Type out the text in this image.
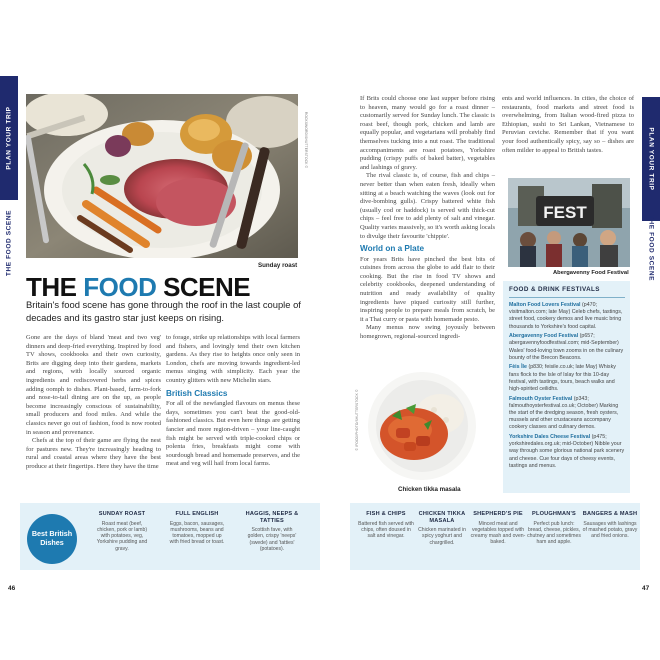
PLAN YOUR TRIP
THE FOOD SCENE
PLAN YOUR TRIP
THE FOOD SCENE
ROCKSWORD/SHUTTERSTOCK ©
Sunday roast
THE FOOD SCENE
Britain's food scene has gone through the roof in the last couple of decades and its gastro star just keeps on rising.

Gone are the days of bland 'meat and two veg' dinners and deep-fried everything. Inspired by food TV shows, cookbooks and their own curiosity, Brits are digging deep into their gardens, markets and regions, with locally sourced organic ingredients and rediscovered herbs and spices adding oomph to dishes. Plant-based, farm-to-fork and nose-to-tail dining are on the up, as people become increasingly conscious of sustainability, small producers and food miles. And while the classics never go out of fashion, food is now rooted in season and provenance.

Chefs at the top of their game are flying the nest for pastures new. They're increasingly heading to rural and coastal areas where they have the best produce at their fingertips. Here they have the time

to forage, strike up relationships with local farmers and fishers, and lovingly tend their own kitchen gardens. As they rise to heights once only seen in London, chefs are moving towards ingredient-led menus singing with simplicity. Each year the country glitters with new Michelin stars.

British Classics

For all of the newfangled flavours on menus these days, sometimes you can't beat the good-old-fashioned classics. But even here things are getting fancier and more region-driven – your line-caught fish might be served with triple-cooked chips or polenta fries, breakfasts might come with sourdough bread and homemade preserves, and the meat and veg will hail from local farms.

If Brits could choose one last supper before rising to heaven, many would go for a roast dinner – customarily served for Sunday lunch. The classic is roast beef, though pork, chicken and lamb are equally popular, and vegetarians will probably find themselves tucking into a nut roast. The traditional accompaniments are roast potatoes, Yorkshire pudding (crispy puffs of baked batter), vegetables and lashings of gravy.

The rival classic is, of course, fish and chips – never better than when eaten fresh, ideally when sitting at a beach watching the waves (look out for dive-bombing gulls). Crispy battered white fish (usually cod or haddock) is served with thick-cut chips – feel free to add plenty of salt and vinegar. Quality varies massively, so it's worth asking locals to divulge their favourite 'chippie'.

World on a Plate

For years Brits have pinched the best bits of cuisines from across the globe to add flair to their cooking. But the rise in food TV shows and celebrity cookbooks, deepened understanding of nutrition and ready availability of quality ingredients have piqued curiosity still further, inspiring people to prepare meals from scratch, be it a Thai curry or pasta with homemade pesto.

Many menus now swing joyously between homegrown, regional-sourced ingredi-

ents and world influences. In cities, the choice of restaurants, food markets and street food is overwhelming, from Italian wood-fired pizza to Ethiopian, sushi to Sri Lankan, Vietnamese to Peruvian ceviche. Remember that if you want your food authentically spicy, say so – dishes are often milder to appeal to British tastes.

© IFOOD/PHOTO/SHUTTERSTOCK ©
Chicken tikka masala
FEST
Abergavenny Food Festival
FOOD & DRINK FESTIVALS
Malton Food Lovers Festival (p470; visitmalton.com; late May) Celeb chefs, tastings, street food, cookery demos and live music bring thousands to Yorkshire's food capital.
Abergavenny Food Festival (p657; abergavennyfoodfestival.com; mid-September) Wales' food-loving town zooms in on the culinary bounty of the Brecon Beacons.
Fèis Ìle (p830; feisile.co.uk; late May) Whisky fans flock to the Isle of Islay for this 10-day festival, with tastings, tours, beach walks and high-spirited ceilidhs.
Falmouth Oyster Festival (p343; falmouthoysterfestival.co.uk; October) Marking the start of the dredging season, fresh oysters, mussels and other crustaceans accompany cookery classes and culinary demos.
Yorkshire Dales Cheese Festival (p475; yorkshiredales.org.uk; mid-October) Nibble your way through some glorious national park scenery and cheese. Cue four days of cheesy events, tastings and menus.
Best British Dishes
SUNDAY ROAST
Roast meat (beef, chicken, pork or lamb) with potatoes, veg, Yorkshire pudding and gravy.
FULL ENGLISH
Eggs, bacon, sausages, mushrooms, beans and tomatoes, mopped up with fried bread or toast.
HAGGIS, NEEPS & TATTIES
Scottish fave, with golden, crispy 'neeps' (swede) and 'tatties' (potatoes).
FISH & CHIPS
Battered fish served with chips, often doused in salt and vinegar.
CHICKEN TIKKA MASALA
Chicken marinated in spicy yoghurt and chargrilled.
SHEPHERD'S PIE
Minced meat and vegetables topped with creamy mash and oven-baked.
PLOUGHMAN'S
Perfect pub lunch: bread, cheese, pickles, chutney and sometimes ham and apple.
BANGERS & MASH
Sausages with lashings of mashed potato, gravy and fried onions.
46	47
